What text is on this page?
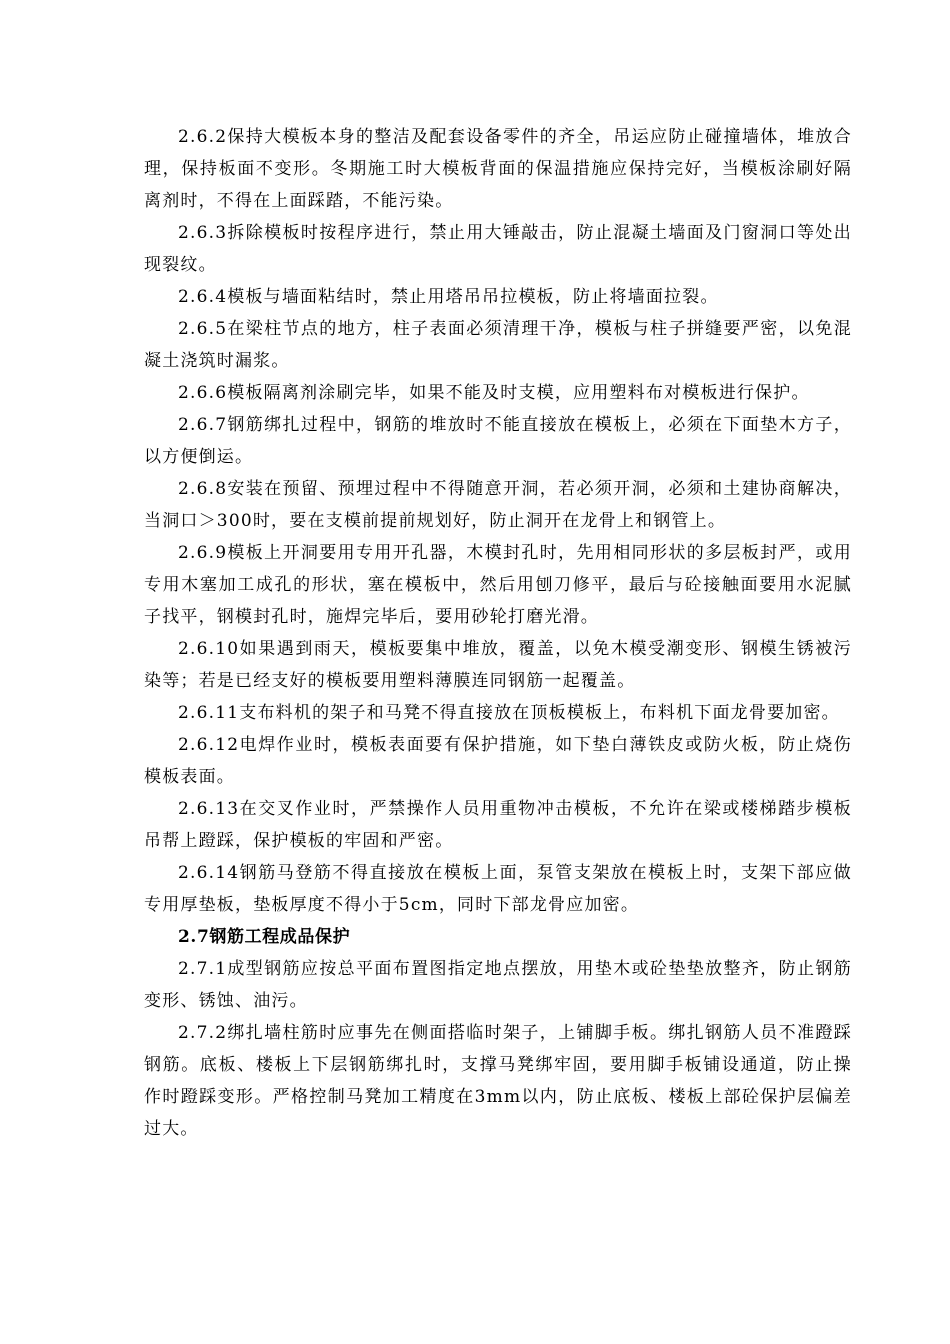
2.6.2保持大模板本身的整洁及配套设备零件的齐全，吊运应防止碰撞墙体，堆放合理，保持板面不变形。冬期施工时大模板背面的保温措施应保持完好，当模板涂刷好隔离剂时，不得在上面踩踏，不能污染。

2.6.3拆除模板时按程序进行，禁止用大锤敲击，防止混凝土墙面及门窗洞口等处出现裂纹。

2.6.4模板与墙面粘结时，禁止用塔吊吊拉模板，防止将墙面拉裂。

2.6.5在梁柱节点的地方，柱子表面必须清理干净，模板与柱子拼缝要严密，以免混凝土浇筑时漏浆。

2.6.6模板隔离剂涂刷完毕，如果不能及时支模，应用塑料布对模板进行保护。

2.6.7钢筋绑扎过程中，钢筋的堆放时不能直接放在模板上，必须在下面垫木方子，以方便倒运。

2.6.8安装在预留、预埋过程中不得随意开洞，若必须开洞，必须和土建协商解决，当洞口＞300时，要在支模前提前规划好，防止洞开在龙骨上和钢管上。

2.6.9模板上开洞要用专用开孔器，木模封孔时，先用相同形状的多层板封严，或用专用木塞加工成孔的形状，塞在模板中，然后用刨刀修平，最后与砼接触面要用水泥腻子找平，钢模封孔时，施焊完毕后，要用砂轮打磨光滑。

2.6.10如果遇到雨天，模板要集中堆放，覆盖，以免木模受潮变形、钢模生锈被污染等；若是已经支好的模板要用塑料薄膜连同钢筋一起覆盖。

2.6.11支布料机的架子和马凳不得直接放在顶板模板上，布料机下面龙骨要加密。

2.6.12电焊作业时，模板表面要有保护措施，如下垫白薄铁皮或防火板，防止烧伤模板表面。

2.6.13在交叉作业时，严禁操作人员用重物冲击模板，不允许在梁或楼梯踏步模板吊帮上蹬踩，保护模板的牢固和严密。

2.6.14钢筋马登筋不得直接放在模板上面，泵管支架放在模板上时，支架下部应做专用厚垫板，垫板厚度不得小于5cm，同时下部龙骨应加密。

2.7钢筋工程成品保护

2.7.1成型钢筋应按总平面布置图指定地点摆放，用垫木或砼垫垫放整齐，防止钢筋变形、锈蚀、油污。

2.7.2绑扎墙柱筋时应事先在侧面搭临时架子，上铺脚手板。绑扎钢筋人员不准蹬踩钢筋。底板、楼板上下层钢筋绑扎时，支撑马凳绑牢固，要用脚手板铺设通道，防止操作时蹬踩变形。严格控制马凳加工精度在3mm以内，防止底板、楼板上部砼保护层偏差过大。
